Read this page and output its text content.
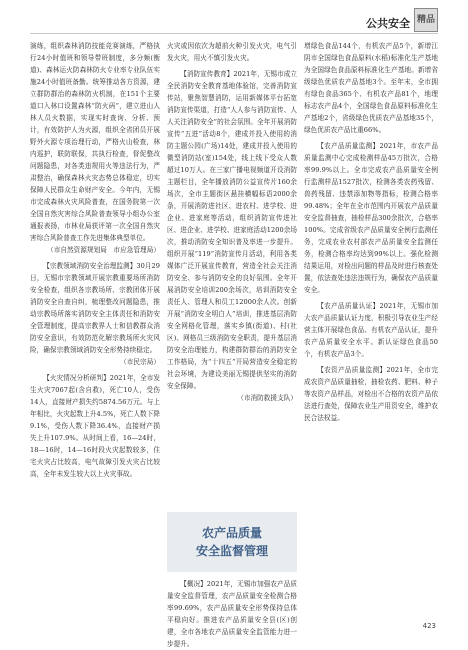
公共安全 精品

演练，组织森林消防技能竞赛演练，严格执行24小时值班和领导带班制度，多分频(衡道)、森林运火防森林防火专业率专业队伍实施24小时值班备勤。统筹推动各方资源，建立群防群治的森林防火机制，在151个主要道口入林口设置森林“防火码”，建立进山人林人员火数据，实现实时查询、分析、预计，有效防护人为火源，组织全省团员开展野外火源专项治理行动，严格火山检查，林内巡护，联防联保，共执行检查，督促整改问题隐患，对各类违规用火等违法行为，严肃整治，确保森林火灾态势总体稳定，切实保障人民群众生命财产安全。今年内，无锡市完成森林火灾风险普查，在国务院第一次全国自然灾害综合风险普查领导小组办公室通报表扬，市林业局获评第一次全国自然灾害综合风险普查工作先进集体典型单位。

（市自然资源规划局　市应急管理局）

【宗教领域消防安全治理监测】30月29日，无锡市宗教领域开展宗教重要场所消防安全检查，组织各宗教场所、宗教团体开展消防安全自查自纠，梳理整改问题隐患，推动宗教场所落实消防安全主体责任和消防安全管理制度，提高宗教界人士和信教群众消防安全意识，有效防范化解宗教场所火灾风险，确保宗教领域消防安全形势持续稳定。

（市民宗局）

【火灾情况分析研判】2021年，全市发生火灾7067起(含自救)，死亡10人，受伤14人，直接财产损失约5874.56万元。与上年相比，火灾起数上升4.5%，死亡人数下降9.1%，受伤人数下降36.4%，直接财产损失上升107.9%。从时间上看，16—24时，18—16时，14—16时段火灾起数较多，住宅火灾占比较高，电气故障引发火灾占比较高，全年未发生较大以上火灾事故。

火灾或因依次为超前火种引发火灾，电气引发火灾，用火不慎引发火灾。

【消防宣传教育】2021年，无锡市成立全民消防安全教育基地体验馆，完善消防宣传站，聚焦智慧消防，运用新媒体平台拓宽消防宣传渠道，打造“人人参与消防宣传、人人关注消防安全”的社会氛围。全年开展消防宣传“五进”活动8个，建成并投入使用的消防主题公园(广场)14处，建成并投入使用的微型消防站(室)154处，线上线下受众人数超过10万人。在三家广播电视频道开设消防主题栏目，全年播放消防公益宣传片160余场次，全市主题街区悬挂横幅标语2000余条，开展消防进社区、进农村、进学校、进企业、进家庭等活动，组织消防宣传进社区、进企业、进学校、进家庭活动1200余场次，推动消防安全知识普及率进一步提升。组织开展“119”消防宣传月活动，利用各类媒体广泛开展宣传教育，营造全社会关注消防安全、参与消防安全的良好氛围。全年开展消防安全培训200余场次，培训消防安全责任人、管理人和员工12000余人次。创新开展“消防安全明白人”培训，推进基层消防安全网格化管理，落实乡镇(街道)、村(社区)、网格员三级消防安全职责，提升基层消防安全治理能力，构建群防群治的消防安全工作格局，为“十四五”开局营造安全稳定的社会环境，为建设美丽无锡提供坚实的消防安全保障。

（市消防救援支队）

农产品质量
安全监督管理

【概况】2021年，无锡市加强农产品质量安全监督管理，农产品质量安全检测合格率99.69%，农产品质量安全形势保持总体平稳向好。推进农产品质量安全县(区)创建，全市各地农产品质量安全监管能力进一步提升。

增绿色食品144个，有机农产品5个，新增江阴市全国绿色食品原料(水稻)标准化生产基地为全国绿色食品原料标准化生产基地。新增省级绿色优质农产品基地3个。至年末，全市拥有绿色食品365个、有机农产品81个，地理标志农产品4个，全国绿色食品原料标准化生产基地2个，省级绿色优质农产品基地35个，绿色优质农产品比重66%。

【农产品质量监测】2021年，市农产品质量监测中心完成检测样品45万批次，合格率99.9%以上。全市完成农产品质量安全例行监测样品1527批次，检测各类农药残留、兽药残留、违禁添加物等指标，检测合格率99.48%；全年在全市范围内开展农产品质量安全监督抽查，抽检样品300余批次，合格率100%。完成省级农产品质量安全例行监测任务，完成农业农村部农产品质量安全监测任务，检测合格率均达到99%以上。强化检测结果运用，对检出问题的样品及时进行核查处置，依法查处违法违规行为，确保农产品质量安全。

【农产品质量认证】2021年，无锡市加大农产品质量认证力度，积极引导农业生产经营主体开展绿色食品、有机农产品认证，提升农产品质量安全水平。新认证绿色食品50个，有机农产品3个。

【农资产品质量监测】2021年，全市完成农资产品质量抽检，抽检农药、肥料、种子等农资产品样品，对检出不合格的农资产品依法进行查处，保障农业生产用资安全，维护农民合法权益。

423
